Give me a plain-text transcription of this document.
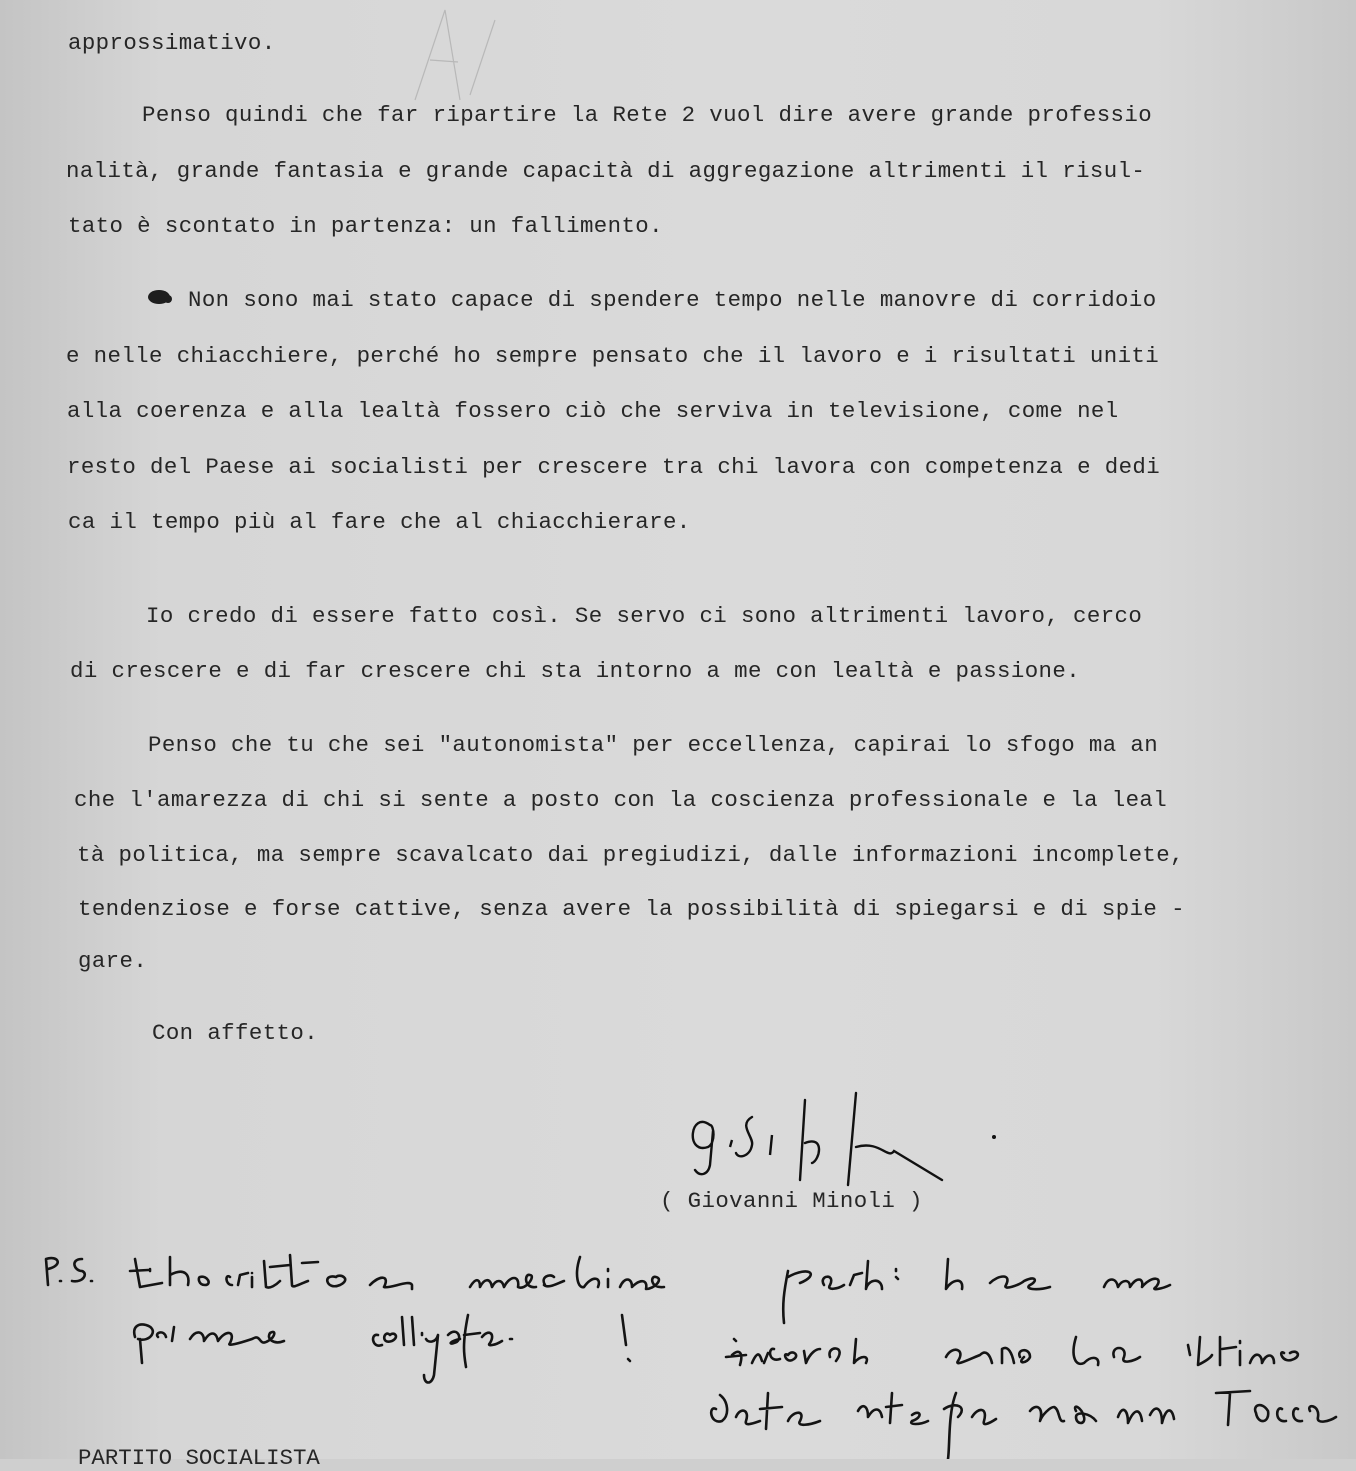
approssimativo.
Penso quindi che far ripartire la Rete 2 vuol dire avere grande professio
nalità, grande fantasia e grande capacità di aggregazione altrimenti il risul-
tato è scontato in partenza: un fallimento.
Non sono mai stato capace di spendere tempo nelle manovre di corridoio
e nelle chiacchiere, perché ho sempre pensato che il lavoro e i risultati uniti
alla coerenza e alla lealtà fossero ciò che serviva in televisione, come nel
resto del Paese ai socialisti per crescere tra chi lavora con competenza e dedi
ca il tempo più al fare che al chiacchierare.
Io credo di essere fatto così. Se servo ci sono altrimenti lavoro, cerco
di crescere e di far crescere chi sta intorno a me con lealtà e passione.
Penso che tu che sei "autonomista" per eccellenza, capirai lo sfogo ma an
che l'amarezza di chi si sente a posto con la coscienza professionale e la leal
tà politica, ma sempre scavalcato dai pregiudizi, dalle informazioni incomplete,
tendenziose e forse cattive, senza avere la possibilità di spiegarsi e di spie -
gare.
Con affetto.
( Giovanni Minoli )
PARTITO SOCIALISTA
